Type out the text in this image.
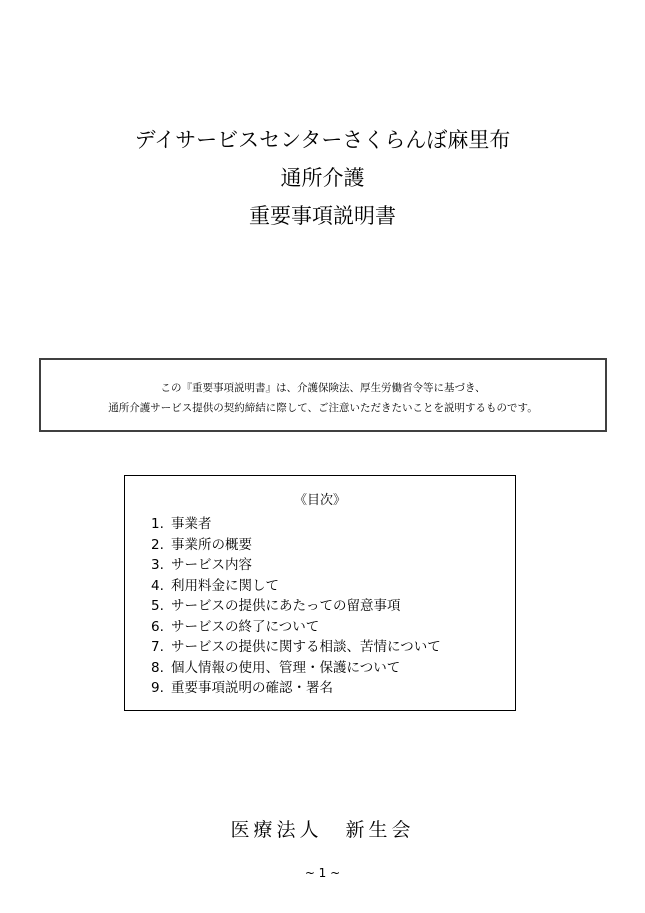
デイサービスセンターさくらんぼ麻里布
通所介護
重要事項説明書
この『重要事項説明書』は、介護保険法、厚生労働省令等に基づき、
通所介護サービス提供の契約締結に際して、ご注意いただきたいことを説明するものです。
《目次》
1. 事業者
2. 事業所の概要
3. サービス内容
4. 利用料金に関して
5. サービスの提供にあたっての留意事項
6. サービスの終了について
7. サービスの提供に関する相談、苦情について
8. 個人情報の使用、管理・保護について
9. 重要事項説明の確認・署名
医療法人　新生会
~ 1 ~
